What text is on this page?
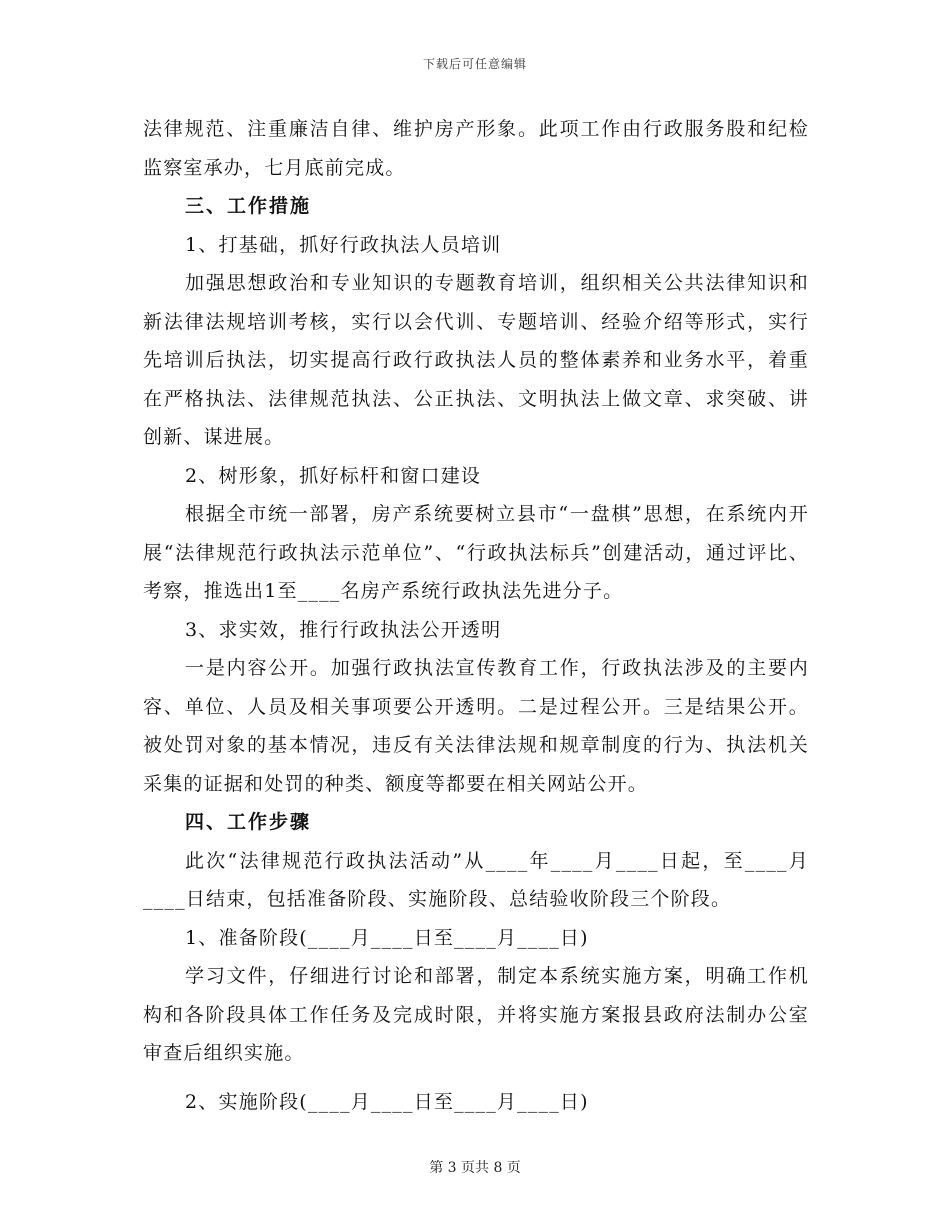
下载后可任意编辑

法律规范、注重廉洁自律、维护房产形象。此项工作由行政服务股和纪检监察室承办，七月底前完成。

三、工作措施

1、打基础，抓好行政执法人员培训

加强思想政治和专业知识的专题教育培训，组织相关公共法律知识和新法律法规培训考核，实行以会代训、专题培训、经验介绍等形式，实行先培训后执法，切实提高行政行政执法人员的整体素养和业务水平，着重在严格执法、法律规范执法、公正执法、文明执法上做文章、求突破、讲创新、谋进展。

2、树形象，抓好标杆和窗口建设

根据全市统一部署，房产系统要树立县市“一盘棋”思想，在系统内开展“法律规范行政执法示范单位”、“行政执法标兵”创建活动，通过评比、考察，推选出1至____名房产系统行政执法先进分子。

3、求实效，推行行政执法公开透明

一是内容公开。加强行政执法宣传教育工作，行政执法涉及的主要内容、单位、人员及相关事项要公开透明。二是过程公开。三是结果公开。被处罚对象的基本情况，违反有关法律法规和规章制度的行为、执法机关采集的证据和处罚的种类、额度等都要在相关网站公开。

四、工作步骤

此次“法律规范行政执法活动”从____年____月____日起，至____月____日结束，包括准备阶段、实施阶段、总结验收阶段三个阶段。

1、准备阶段(____月____日至____月____日)

学习文件，仔细进行讨论和部署，制定本系统实施方案，明确工作机构和各阶段具体工作任务及完成时限，并将实施方案报县政府法制办公室审查后组织实施。

2、实施阶段(____月____日至____月____日)

第 3 页共 8 页
